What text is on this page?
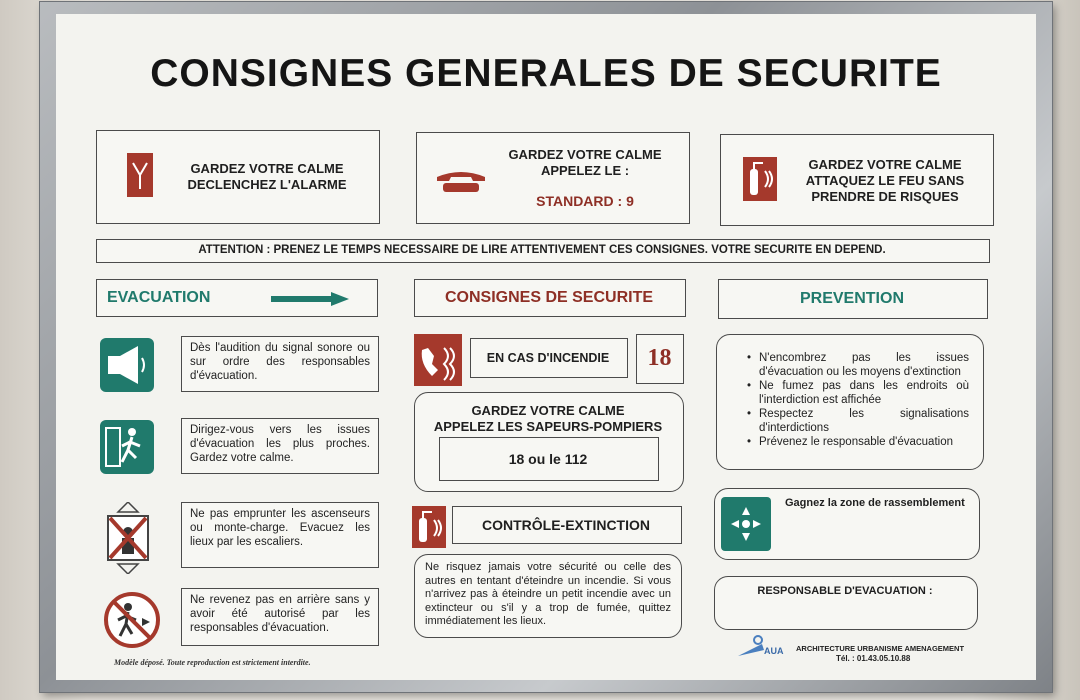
CONSIGNES GENERALES DE SECURITE
GARDEZ VOTRE CALME
DECLENCHEZ L'ALARME
GARDEZ VOTRE CALME
APPELEZ LE :
STANDARD : 9
GARDEZ VOTRE CALME
ATTAQUEZ LE FEU SANS
PRENDRE DE RISQUES
ATTENTION : PRENEZ LE TEMPS NECESSAIRE DE LIRE ATTENTIVEMENT CES CONSIGNES. VOTRE SECURITE EN DEPEND.
EVACUATION
Dès l'audition du signal sonore ou sur ordre des responsables d'évacuation.
Dirigez-vous vers les issues d'évacuation les plus proches. Gardez votre calme.
Ne pas emprunter les ascenseurs ou monte-charge. Evacuez les lieux par les escaliers.
Ne revenez pas en arrière sans y avoir été autorisé par les responsables d'évacuation.
CONSIGNES DE SECURITE
EN CAS D'INCENDIE	18
GARDEZ VOTRE CALME
APPELEZ LES SAPEURS-POMPIERS
18 ou le 112
CONTRÔLE-EXTINCTION
Ne risquez jamais votre sécurité ou celle des autres en tentant d'éteindre un incendie. Si vous n'arrivez pas à éteindre un petit incendie avec un extincteur ou s'il y a trop de fumée, quittez immédiatement les lieux.
PREVENTION
• N'encombrez pas les issues d'évacuation ou les moyens d'extinction
• Ne fumez pas dans les endroits où l'interdiction est affichée
• Respectez les signalisations d'interdictions
• Prévenez le responsable d'évacuation
Gagnez la zone de rassemblement
RESPONSABLE D'EVACUATION :
Modèle déposé. Toute reproduction est strictement interdite.
AUA ARCHITECTURE URBANISME AMENAGEMENT
Tél. : 01.43.05.10.88
